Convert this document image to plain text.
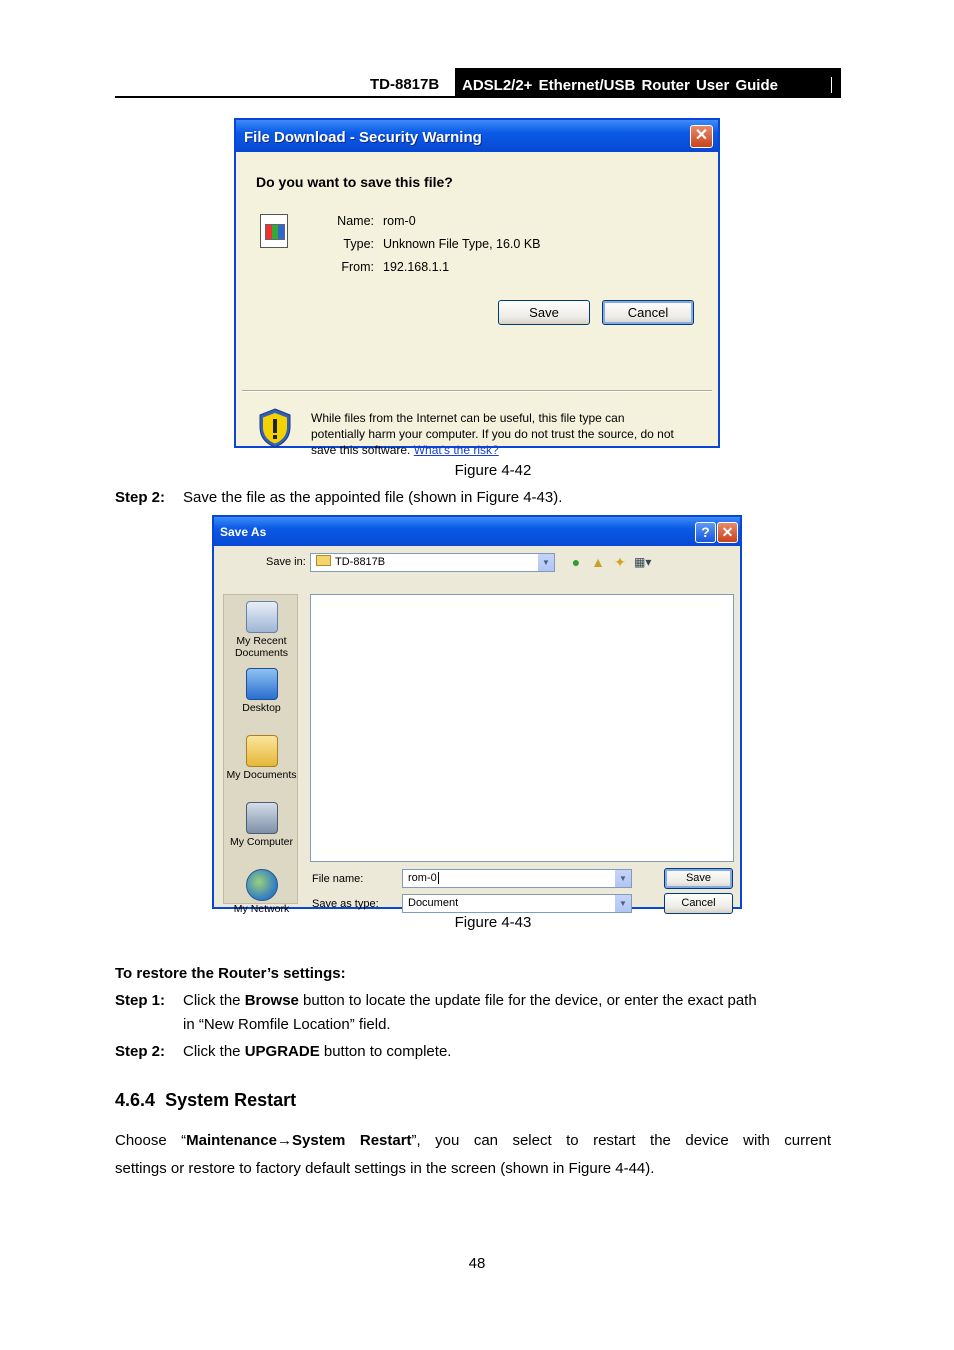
TD-8817B	ADSL2/2+ Ethernet/USB Router User Guide
File Download - Security Warning	✕
Do you want to save this file?
Name: rom-0
Type: Unknown File Type, 16.0 KB
From: 192.168.1.1
Save	Cancel
While files from the Internet can be useful, this file type can
potentially harm your computer. If you do not trust the source, do not
save this software. What's the risk?
Figure 4-42
Step 2: Save the file as the appointed file (shown in Figure 4-43).
Save As	? ✕
Save in:	TD-8817B	▼ ● ▲ ✦ ▦▾
My Recent
Documents
Desktop
My Documents
My Computer
My Network
File name:	rom-0	▼
Save as type:	Document	▼
Save
Cancel
Figure 4-43
To restore the Router’s settings:
Step 1: Click the Browse button to locate the update file for the device, or enter the exact path
in “New Romfile Location” field.
Step 2: Click the UPGRADE button to complete.
4.6.4 System Restart
Choose “Maintenance→System Restart”, you can select to restart the device with current
settings or restore to factory default settings in the screen (shown in Figure 4-44).
48
